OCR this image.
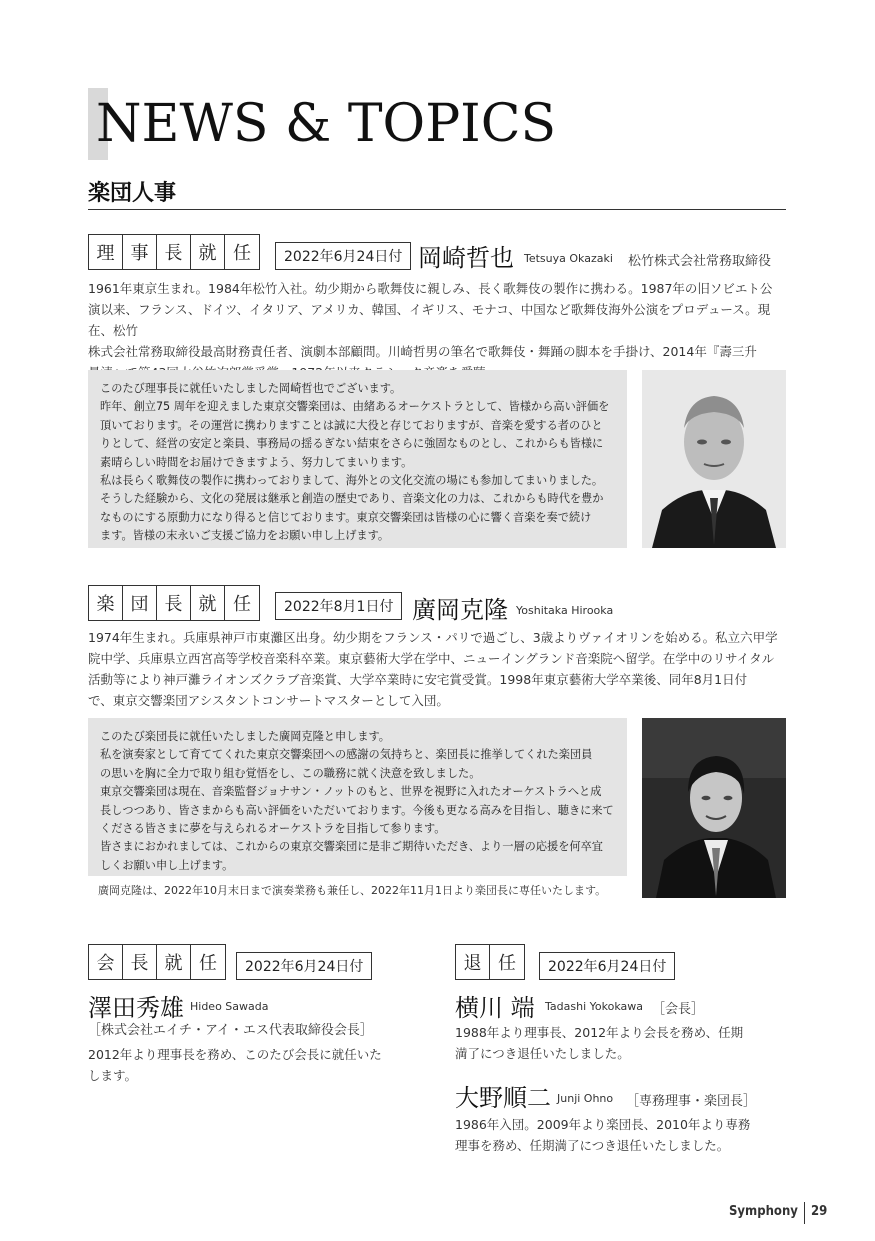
NEWS & TOPICS
楽団人事
理 事 長 就 任	2022年6月24日付 岡崎哲也 Tetsuya Okazaki 松竹株式会社常務取締役
1961年東京生まれ。1984年松竹入社。幼少期から歌舞伎に親しみ、長く歌舞伎の製作に携わる。1987年の旧ソビエト公
演以来、フランス、ドイツ、イタリア、アメリカ、韓国、イギリス、モナコ、中国など歌舞伎海外公演をプロデュース。現在、松竹
株式会社常務取締役最高財務責任者、演劇本部顧問。川崎哲男の筆名で歌舞伎・舞踊の脚本を手掛け、2014年『壽三升

このたび理事長に就任いたしました岡崎哲也でございます。

昨年、創立75 周年を迎えました東京交響楽団は、由緒あるオーケストラとして、皆様から高い評価を

頂いております。その運営に携わりますことは誠に大役と存じておりますが、音楽を愛する者のひと

りとして、経営の安定と楽員、事務局の揺るぎない結束をさらに強固なものとし、これからも皆様に

素晴らしい時間をお届けできますよう、努力してまいります。

私は長らく歌舞伎の製作に携わっておりまして、海外との文化交流の場にも参加してまいりました。

そうした経験から、文化の発展は継承と創造の歴史であり、音楽文化の力は、これからも時代を豊か

なものにする原動力になり得ると信じております。東京交響楽団は皆様の心に響く音楽を奏で続け

ます。皆様の末永いご支援ご協力をお願い申し上げます。

楽 団 長 就 任	2022年8月1日付 廣岡克隆 Yoshitaka Hirooka
1974年生まれ。兵庫県神戸市東灘区出身。幼少期をフランス・パリで過ごし、3歳よりヴァイオリンを始める。私立六甲学
院中学、兵庫県立西宮高等学校音楽科卒業。東京藝術大学在学中、ニューイングランド音楽院へ留学。在学中のリサイタル
活動等により神戸灘ライオンズクラブ音楽賞、大学卒業時に安宅賞受賞。1998年東京藝術大学卒業後、同年8月1日付
で、東京交響楽団アシスタントコンサートマスターとして入団。

このたび楽団長に就任いたしました廣岡克隆と申します。

私を演奏家として育ててくれた東京交響楽団への感謝の気持ちと、楽団長に推挙してくれた楽団員

の思いを胸に全力で取り組む覚悟をし、この職務に就く決意を致しました。

東京交響楽団は現在、音楽監督ジョナサン・ノットのもと、世界を視野に入れたオーケストラへと成

長しつつあり、皆さまからも高い評価をいただいております。今後も更なる高みを目指し、聴きに来て

くださる皆さまに夢を与えられるオーケストラを目指して参ります。

皆さまにおかれましては、これからの東京交響楽団に是非ご期待いただき、より一層の応援を何卒宜

しくお願い申し上げます。

廣岡克隆は、2022年10月末日まで演奏業務も兼任し、2022年11月1日より楽団長に専任いたします。
会 長 就 任	2022年6月24日付
澤田秀雄 Hideo Sawada
［株式会社エイチ・アイ・エス代表取締役会長］
2012年より理事長を務め、このたび会長に就任いた
します。
退 任	2022年6月24日付
横川 端 Tadashi Yokokawa ［会長］
1988年より理事長、2012年より会長を務め、任期
満了につき退任いたしました。
大野順二 Junji Ohno ［専務理事・楽団長］
1986年入団。2009年より楽団長、2010年より専務
理事を務め、任期満了につき退任いたしました。
Symphony 29
